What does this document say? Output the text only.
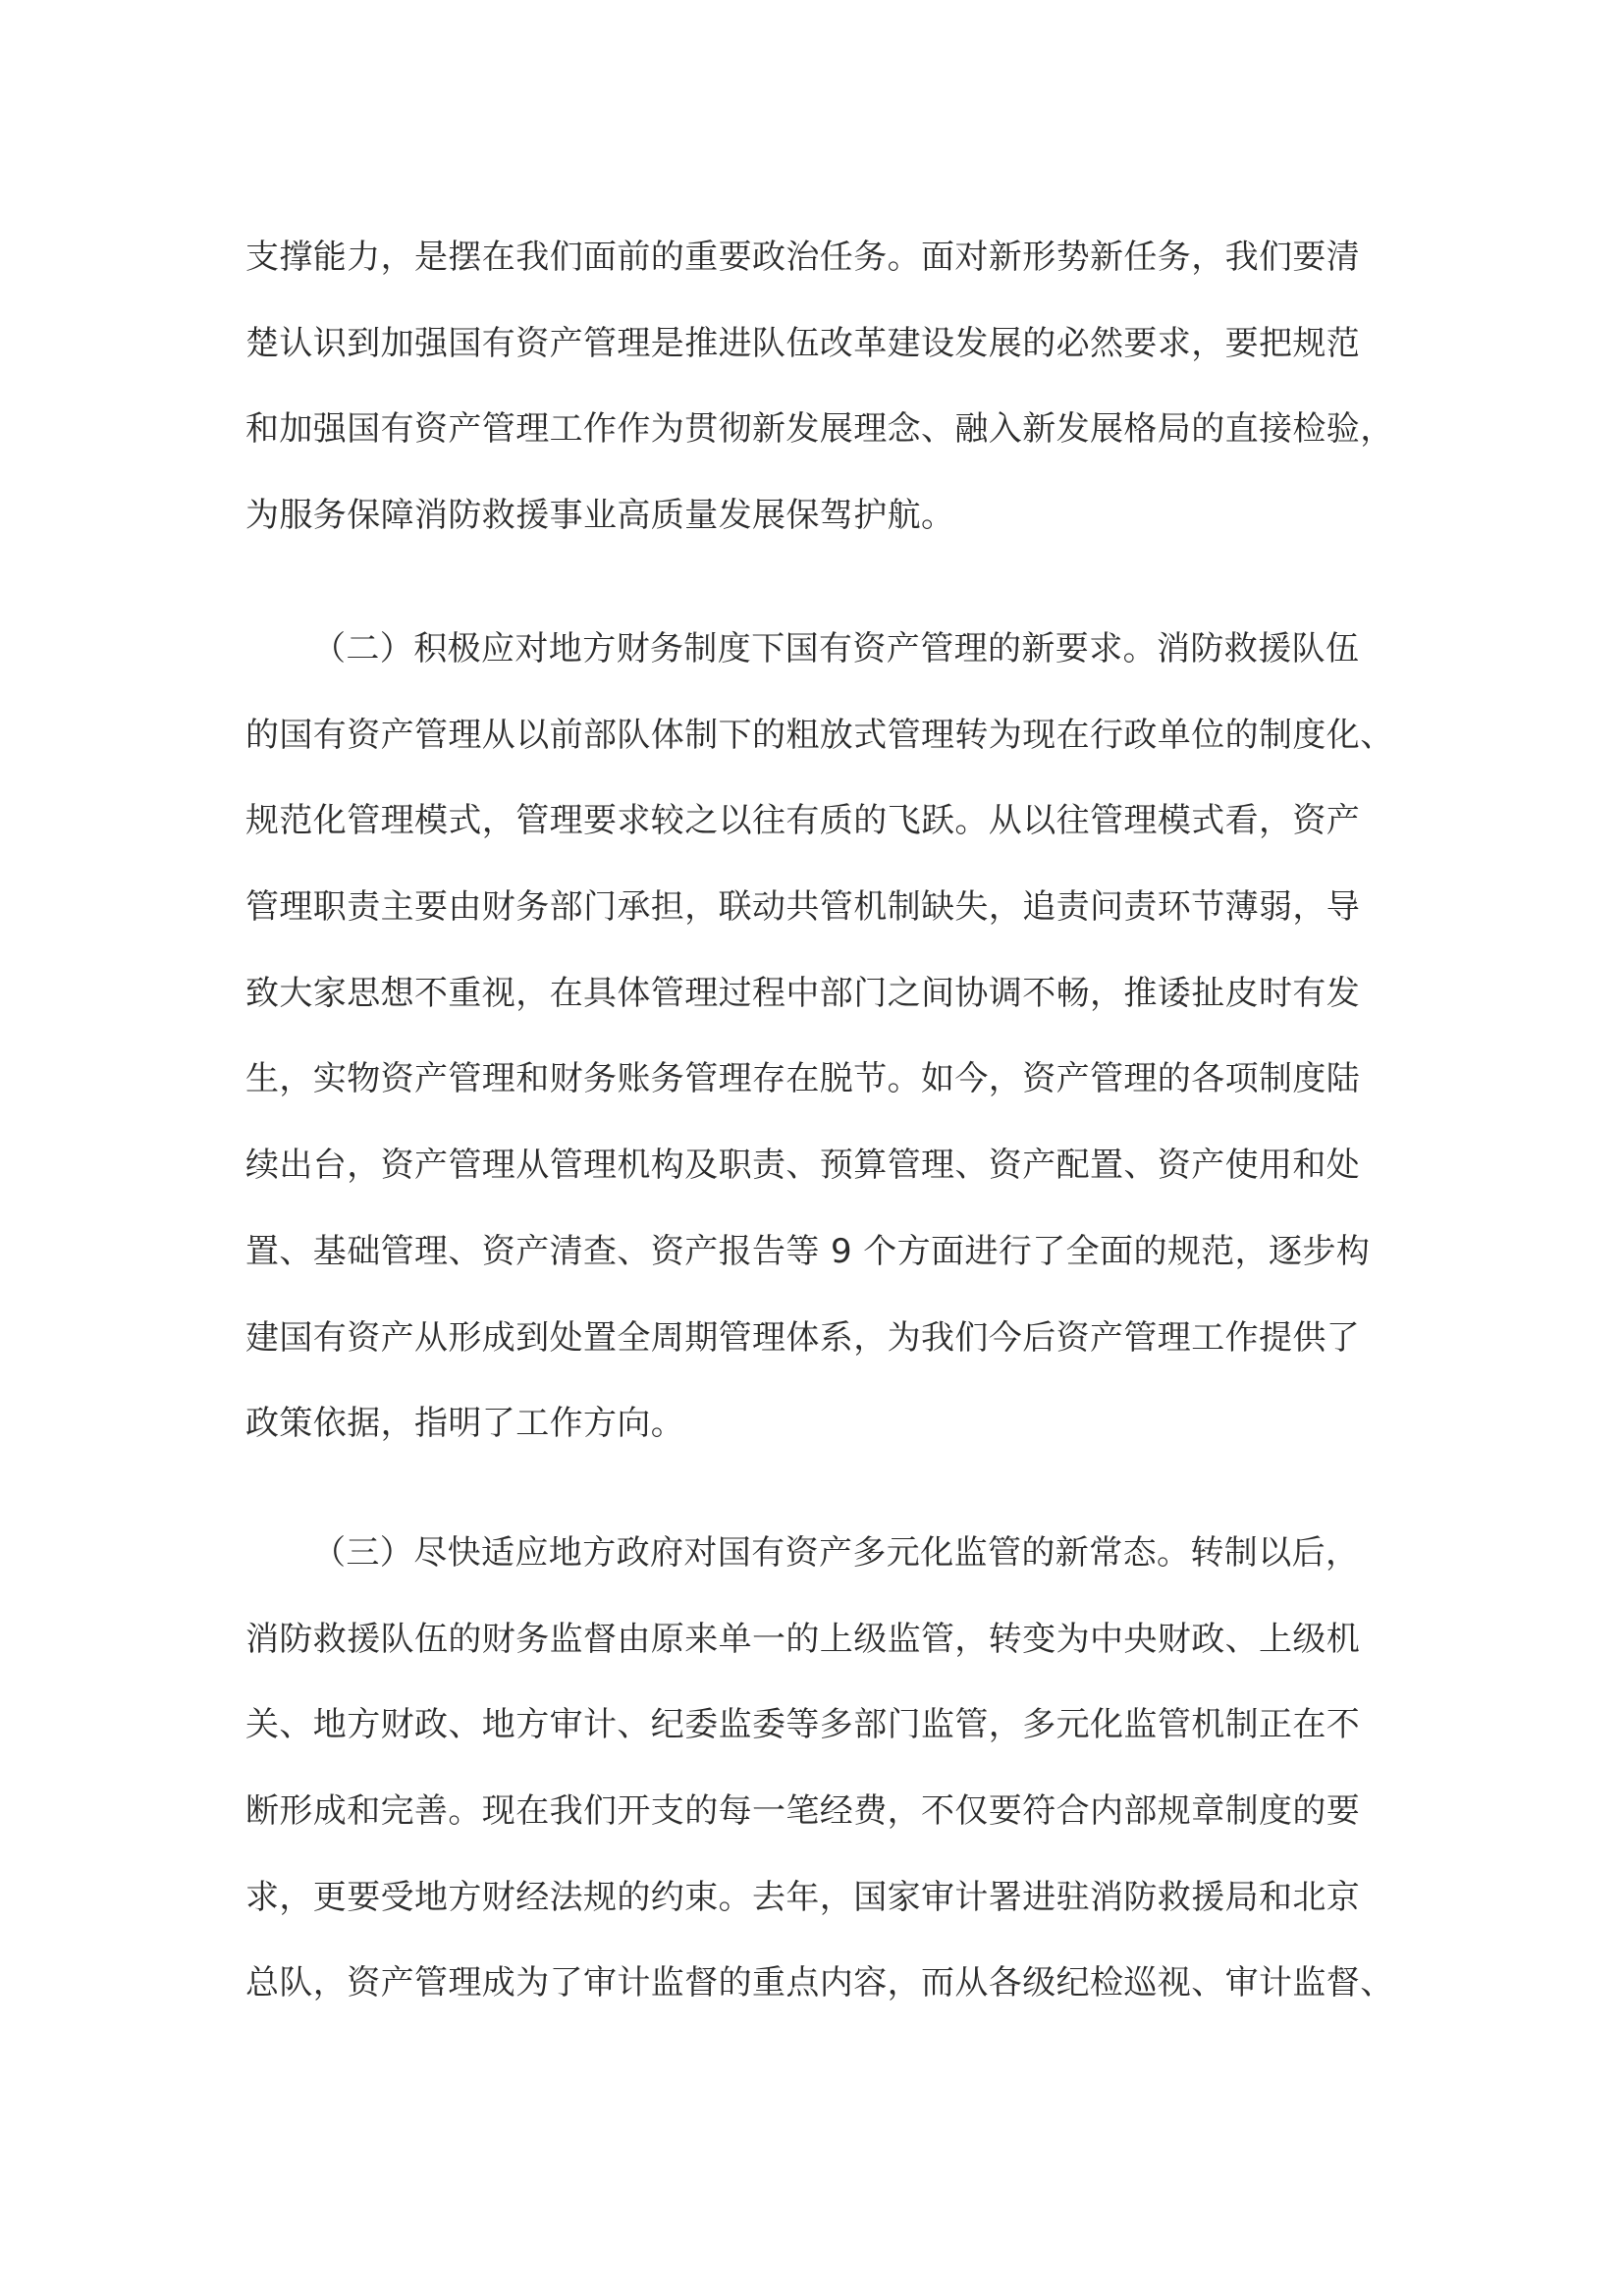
支撑能力，是摆在我们面前的重要政治任务。面对新形势新任务，我们要清
楚认识到加强国有资产管理是推进队伍改革建设发展的必然要求，要把规范
和加强国有资产管理工作作为贯彻新发展理念、融入新发展格局的直接检验，
为服务保障消防救援事业高质量发展保驾护航。
（二）积极应对地方财务制度下国有资产管理的新要求。消防救援队伍
的国有资产管理从以前部队体制下的粗放式管理转为现在行政单位的制度化、
规范化管理模式，管理要求较之以往有质的飞跃。从以往管理模式看，资产
管理职责主要由财务部门承担，联动共管机制缺失，追责问责环节薄弱，导
致大家思想不重视，在具体管理过程中部门之间协调不畅，推诿扯皮时有发
生，实物资产管理和财务账务管理存在脱节。如今，资产管理的各项制度陆
续出台，资产管理从管理机构及职责、预算管理、资产配置、资产使用和处
置、基础管理、资产清查、资产报告等 9 个方面进行了全面的规范，逐步构
建国有资产从形成到处置全周期管理体系，为我们今后资产管理工作提供了
政策依据，指明了工作方向。
（三）尽快适应地方政府对国有资产多元化监管的新常态。转制以后，
消防救援队伍的财务监督由原来单一的上级监管，转变为中央财政、上级机
关、地方财政、地方审计、纪委监委等多部门监管，多元化监管机制正在不
断形成和完善。现在我们开支的每一笔经费，不仅要符合内部规章制度的要
求，更要受地方财经法规的约束。去年，国家审计署进驻消防救援局和北京
总队，资产管理成为了审计监督的重点内容，而从各级纪检巡视、审计监督、
